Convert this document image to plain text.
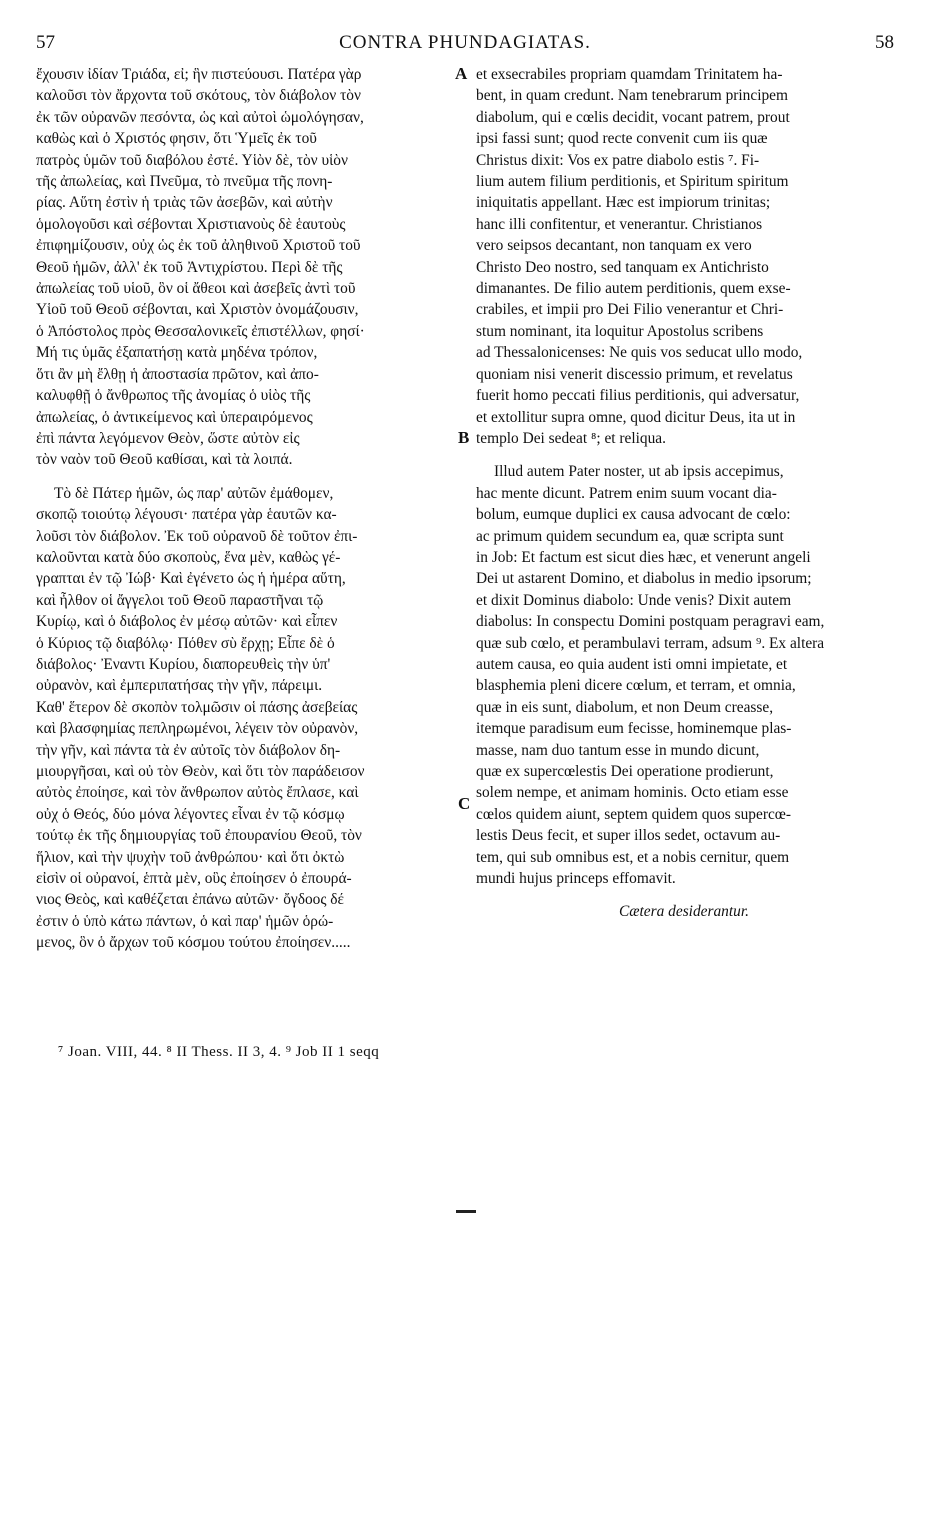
57	CONTRA PHUNDAGIATAS.	58
ἔχουσιν ἰδίαν Τριάδα, εἰ; ἣν πιστεύουσι. Πατέρα γὰρ
καλοῦσι τὸν ἄρχοντα τοῦ σκότους, τὸν διάβολον τὸν
ἐκ τῶν οὐρανῶν πεσόντα, ὡς καὶ αὐτοὶ ὡμολόγησαν,
καθὼς καὶ ὁ Χριστός φησιν, ὅτι Ὑμεῖς ἐκ τοῦ
πατρὸς ὑμῶν τοῦ διαβόλου ἐστέ. Υἱὸν δὲ, τὸν υἱὸν
τῆς ἀπωλείας, καὶ Πνεῦμα, τὸ πνεῦμα τῆς πονη-
ρίας. Αὕτη ἐστὶν ἡ τριὰς τῶν ἀσεβῶν, καὶ αὐτὴν
ὁμολογοῦσι καὶ σέβονται Χριστιανοὺς δὲ ἑαυτοὺς
ἐπιφημίζουσιν, οὐχ ὡς ἐκ τοῦ ἀληθινοῦ Χριστοῦ τοῦ
Θεοῦ ἡμῶν, ἀλλ' ἐκ τοῦ Ἀντιχρίστου. Περὶ δὲ τῆς
ἀπωλείας τοῦ υἱοῦ, ὃν οἱ ἄθεοι καὶ ἀσεβεῖς ἀντὶ τοῦ
Υἱοῦ τοῦ Θεοῦ σέβονται, καὶ Χριστὸν ὀνομάζουσιν,
ὁ Ἀπόστολος πρὸς Θεσσαλονικεῖς ἐπιστέλλων, φησί·
Μή τις ὑμᾶς ἐξαπατήσῃ κατὰ μηδένα τρόπον,
ὅτι ἂν μὴ ἔλθῃ ἡ ἀποστασία πρῶτον, καὶ ἀπο-
καλυφθῇ ὁ ἄνθρωπος τῆς ἀνομίας ὁ υἱὸς τῆς
ἀπωλείας, ὁ ἀντικείμενος καὶ ὑπεραιρόμενος
ἐπὶ πάντα λεγόμενον Θεὸν, ὥστε αὐτὸν εἰς
τὸν ναὸν τοῦ Θεοῦ καθίσαι, καὶ τὰ λοιπά.
Τὸ δὲ Πάτερ ἡμῶν, ὡς παρ' αὐτῶν ἐμάθομεν,
σκοπῷ τοιούτῳ λέγουσι· πατέρα γὰρ ἑαυτῶν κα-
λοῦσι τὸν διάβολον. Ἐκ τοῦ οὐρανοῦ δὲ τοῦτον ἐπι-
καλοῦνται κατὰ δύο σκοποὺς, ἕνα μὲν, καθὼς γέ-
γραπται ἐν τῷ Ἰώβ· Καὶ ἐγένετο ὡς ἡ ἡμέρα αὕτη,
καὶ ἦλθον οἱ ἄγγελοι τοῦ Θεοῦ παραστῆναι τῷ
Κυρίῳ, καὶ ὁ διάβολος ἐν μέσῳ αὐτῶν· καὶ εἶπεν
ὁ Κύριος τῷ διαβόλῳ· Πόθεν σὺ ἔρχῃ; Εἶπε δὲ ὁ
διάβολος· Ἐναντι Κυρίου, διαπορευθεὶς τὴν ὑπ'
οὐρανὸν, καὶ ἐμπεριπατήσας τὴν γῆν, πάρειμι.
Καθ' ἕτερον δὲ σκοπὸν τολμῶσιν οἱ πάσης ἀσεβείας
καὶ βλασφημίας πεπληρωμένοι, λέγειν τὸν οὐρανὸν,
τὴν γῆν, καὶ πάντα τὰ ἐν αὐτοῖς τὸν διάβολον δη-
μιουργῆσαι, καὶ οὐ τὸν Θεὸν, καὶ ὅτι τὸν παράδεισον
αὐτὸς ἐποίησε, καὶ τὸν ἄνθρωπον αὐτὸς ἔπλασε, καὶ
οὐχ ὁ Θεός, δύο μόνα λέγοντες εἶναι ἐν τῷ κόσμῳ
τούτῳ ἐκ τῆς δημιουργίας τοῦ ἐπουρανίου Θεοῦ, τὸν
ἥλιον, καὶ τὴν ψυχὴν τοῦ ἀνθρώπου· καὶ ὅτι ὀκτὼ
εἰσὶν οἱ οὐρανοί, ἑπτὰ μὲν, οὓς ἐποίησεν ὁ ἐπουρά-
νιος Θεὸς, καὶ καθέζεται ἐπάνω αὐτῶν· ὄγδοος δέ
ἐστιν ὁ ὑπὸ κάτω πάντων, ὁ καὶ παρ' ἡμῶν ὁρώ-
μενος, ὃν ὁ ἄρχων τοῦ κόσμου τούτου ἐποίησεν.....
et exsecrabiles propriam quamdam Trinitatem ha-
bent, in quam credunt. Nam tenebrarum principem
diabolum, qui e cœlis decidit, vocant patrem, prout
ipsi fassi sunt; quod recte convenit cum iis quæ
Christus dixit: Vos ex patre diabolo estis ⁷. Fi-
lium autem filium perditionis, et Spiritum spiritum
iniquitatis appellant. Hæc est impiorum trinitas;
hanc illi confitentur, et venerantur. Christianos
vero seipsos decantant, non tanquam ex vero
Christo Deo nostro, sed tanquam ex Antichristo
dimanantes. De filio autem perditionis, quem exse-
crabiles, et impii pro Dei Filio venerantur et Chri-
stum nominant, ita loquitur Apostolus scribens
ad Thessalonicenses: Ne quis vos seducat ullo modo,
quoniam nisi venerit discessio primum, et revelatus
fuerit homo peccati filius perditionis, qui adversatur,
et extollitur supra omne, quod dicitur Deus, ita ut in
templo Dei sedeat ⁸; et reliqua.
Illud autem Pater noster, ut ab ipsis accepimus,
hac mente dicunt. Patrem enim suum vocant dia-
bolum, eumque duplici ex causa advocant de cœlo:
ac primum quidem secundum ea, quæ scripta sunt
in Job: Et factum est sicut dies hæc, et venerunt angeli
Dei ut astarent Domino, et diabolus in medio ipsorum;
et dixit Dominus diabolo: Unde venis? Dixit autem
diabolus: In conspectu Domini postquam peragravi eam,
quæ sub cœlo, et perambulavi terram, adsum ⁹. Ex altera
autem causa, eo quia audent isti omni impietate, et
blasphemia pleni dicere cœlum, et terram, et omnia,
quæ in eis sunt, diabolum, et non Deum creasse,
itemque paradisum eum fecisse, hominemque plas-
masse, nam duo tantum esse in mundo dicunt,
quæ ex supercœlestis Dei operatione prodierunt,
solem nempe, et animam hominis. Octo etiam esse
cœlos quidem aiunt, septem quidem quos supercœ-
lestis Deus fecit, et super illos sedet, octavum au-
tem, qui sub omnibus est, et a nobis cernitur, quem
mundi hujus princeps effomavit.
Cætera desiderantur.
A
B
C
⁷ Joan. VIII, 44. ⁸ II Thess. II 3, 4. ⁹ Job II 1 seqq
